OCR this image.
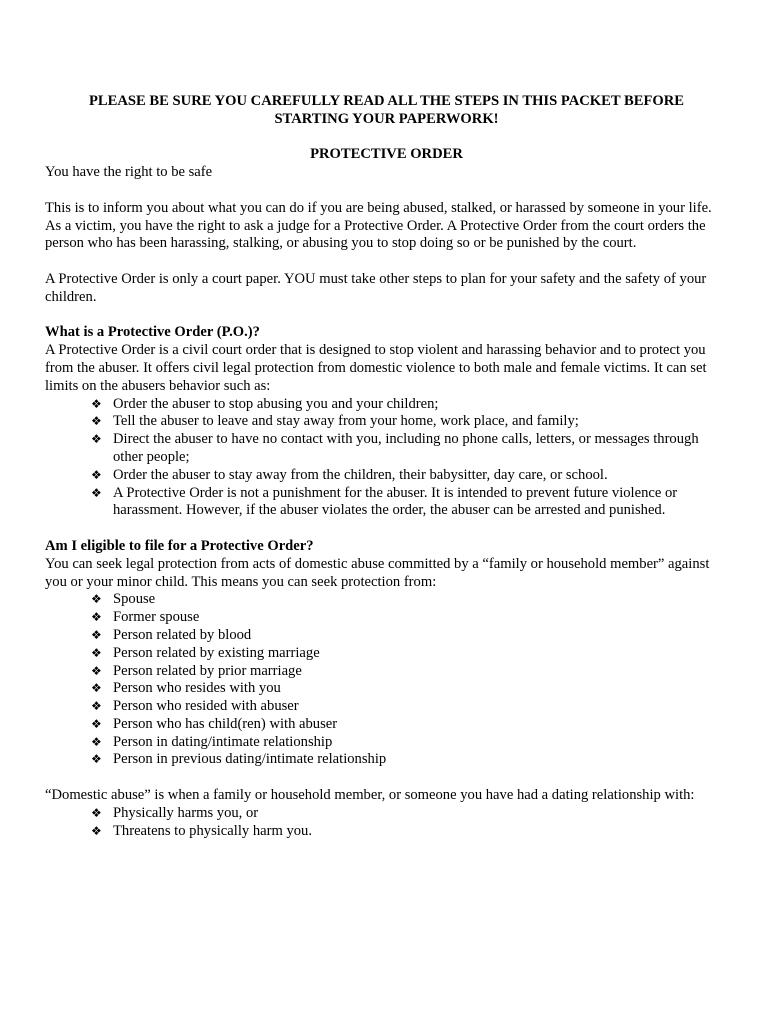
PLEASE BE SURE YOU CAREFULLY READ ALL THE STEPS IN THIS PACKET BEFORE STARTING YOUR PAPERWORK!

PROTECTIVE ORDER

You have the right to be safe

This is to inform you about what you can do if you are being abused, stalked, or harassed by someone in your life. As a victim, you have the right to ask a judge for a Protective Order. A Protective Order from the court orders the person who has been harassing, stalking, or abusing you to stop doing so or be punished by the court.

A Protective Order is only a court paper. YOU must take other steps to plan for your safety and the safety of your children.

What is a Protective Order (P.O.)?

A Protective Order is a civil court order that is designed to stop violent and harassing behavior and to protect you from the abuser. It offers civil legal protection from domestic violence to both male and female victims. It can set limits on the abusers behavior such as:

❖ Order the abuser to stop abusing you and your children;
❖ Tell the abuser to leave and stay away from your home, work place, and family;
❖ Direct the abuser to have no contact with you, including no phone calls, letters, or messages through other people;
❖ Order the abuser to stay away from the children, their babysitter, day care, or school.
❖ A Protective Order is not a punishment for the abuser. It is intended to prevent future violence or harassment. However, if the abuser violates the order, the abuser can be arrested and punished.

Am I eligible to file for a Protective Order?

You can seek legal protection from acts of domestic abuse committed by a “family or household member” against you or your minor child. This means you can seek protection from:

❖ Spouse
❖ Former spouse
❖ Person related by blood
❖ Person related by existing marriage
❖ Person related by prior marriage
❖ Person who resides with you
❖ Person who resided with abuser
❖ Person who has child(ren) with abuser
❖ Person in dating/intimate relationship
❖ Person in previous dating/intimate relationship

“Domestic abuse” is when a family or household member, or someone you have had a dating relationship with:

❖ Physically harms you, or
❖ Threatens to physically harm you.
